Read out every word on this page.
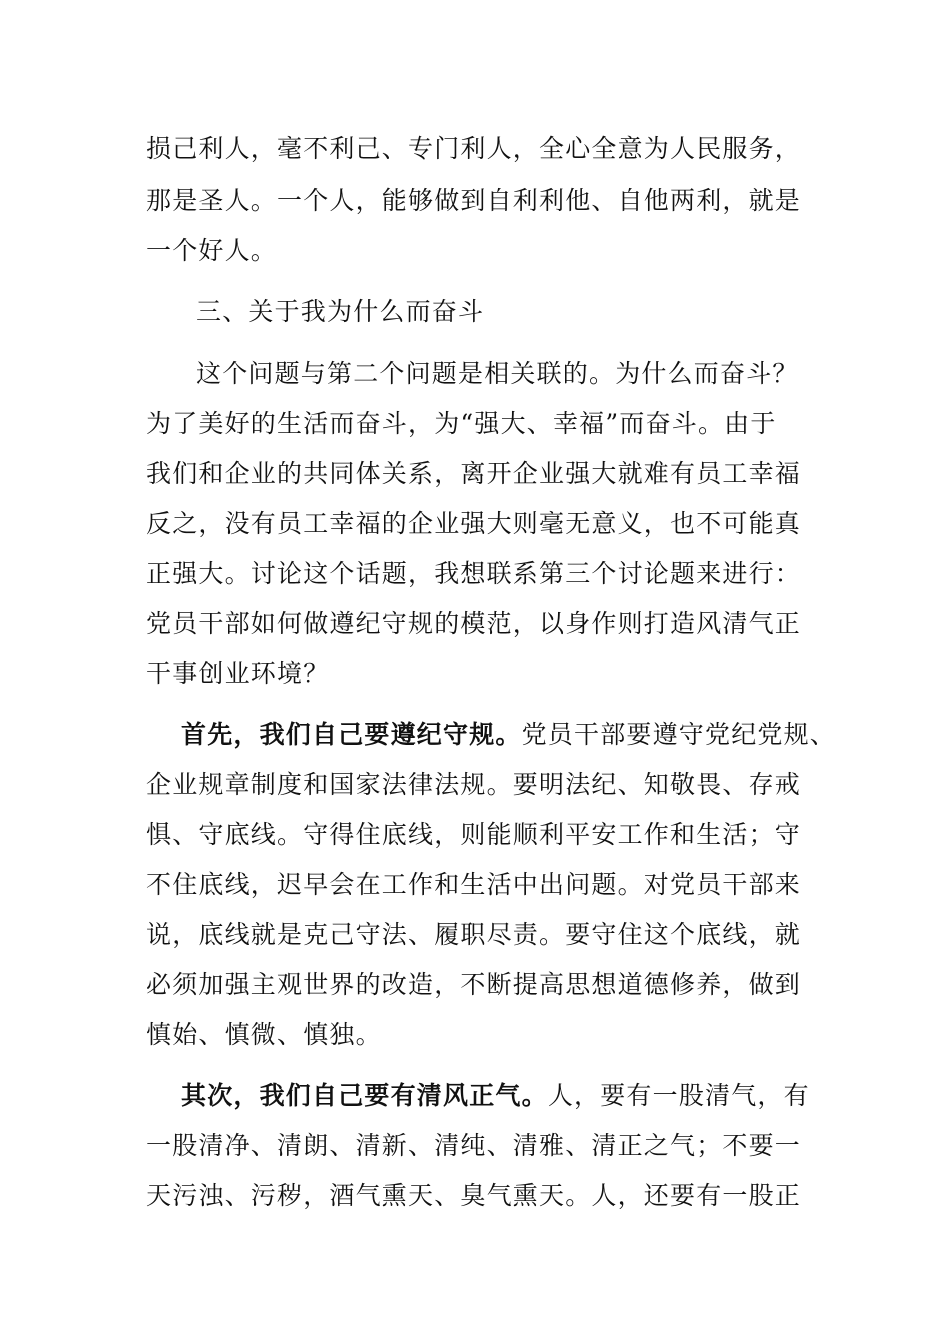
损己利人，毫不利己、专门利人，全心全意为人民服务，
那是圣人。一个人，能够做到自利利他、自他两利，就是
一个好人。
三、关于我为什么而奋斗
这个问题与第二个问题是相关联的。为什么而奋斗？
为了美好的生活而奋斗，为“强大、幸福”而奋斗。由于
我们和企业的共同体关系，离开企业强大就难有员工幸福
反之，没有员工幸福的企业强大则毫无意义，也不可能真
正强大。讨论这个话题，我想联系第三个讨论题来进行：
党员干部如何做遵纪守规的模范，以身作则打造风清气正
干事创业环境？
首先，我们自己要遵纪守规。党员干部要遵守党纪党规、
企业规章制度和国家法律法规。要明法纪、知敬畏、存戒
惧、守底线。守得住底线，则能顺利平安工作和生活；守
不住底线，迟早会在工作和生活中出问题。对党员干部来
说，底线就是克己守法、履职尽责。要守住这个底线，就
必须加强主观世界的改造，不断提高思想道德修养，做到
慎始、慎微、慎独。
其次，我们自己要有清风正气。人，要有一股清气，有
一股清净、清朗、清新、清纯、清雅、清正之气；不要一
天污浊、污秽，酒气熏天、臭气熏天。人，还要有一股正
